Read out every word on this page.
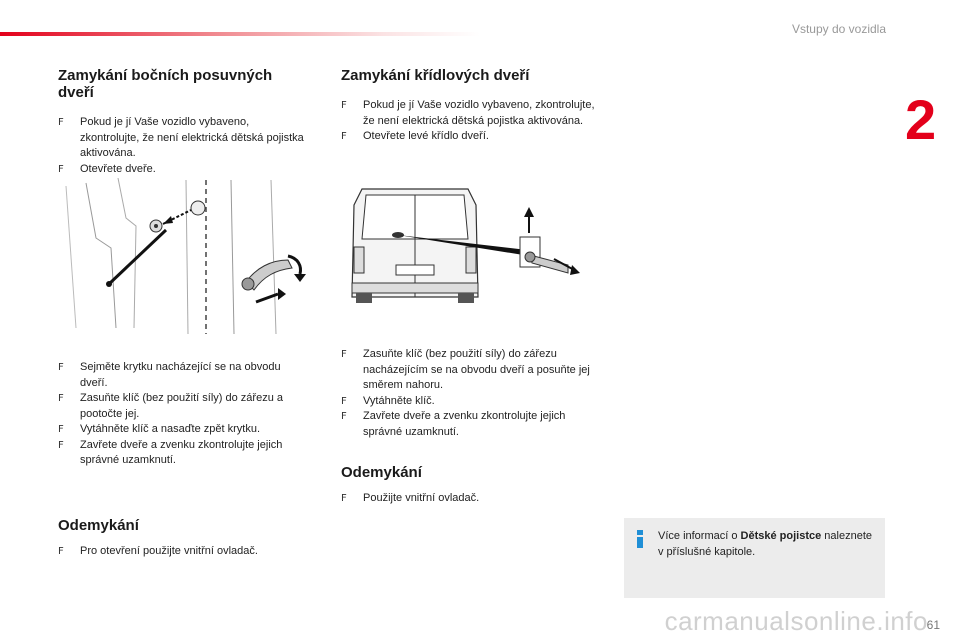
Vstupy do vozidla
2
Zamykání bočních posuvných dveří
F Pokud je jí Vaše vozidlo vybaveno, zkontrolujte, že není elektrická dětská pojistka aktivována.
F Otevřete dveře.
F Sejměte krytku nacházející se na obvodu dveří.
F Zasuňte klíč (bez použití síly) do zářezu a pootočte jej.
F Vytáhněte klíč a nasaďte zpět krytku.
F Zavřete dveře a zvenku zkontrolujte jejich správné uzamknutí.
Odemykání
F Pro otevření použijte vnitřní ovladač.
Zamykání křídlových dveří
F Pokud je jí Vaše vozidlo vybaveno, zkontrolujte, že není elektrická dětská pojistka aktivována.
F Otevřete levé křídlo dveří.
F Zasuňte klíč (bez použití síly) do zářezu nacházejícím se na obvodu dveří a posuňte jej směrem nahoru.
F Vytáhněte klíč.
F Zavřete dveře a zvenku zkontrolujte jejich správné uzamknutí.
Odemykání
F Použijte vnitřní ovladač.
Více informací o Dětské pojistce naleznete v příslušné kapitole.
carmanualsonline.info
61
